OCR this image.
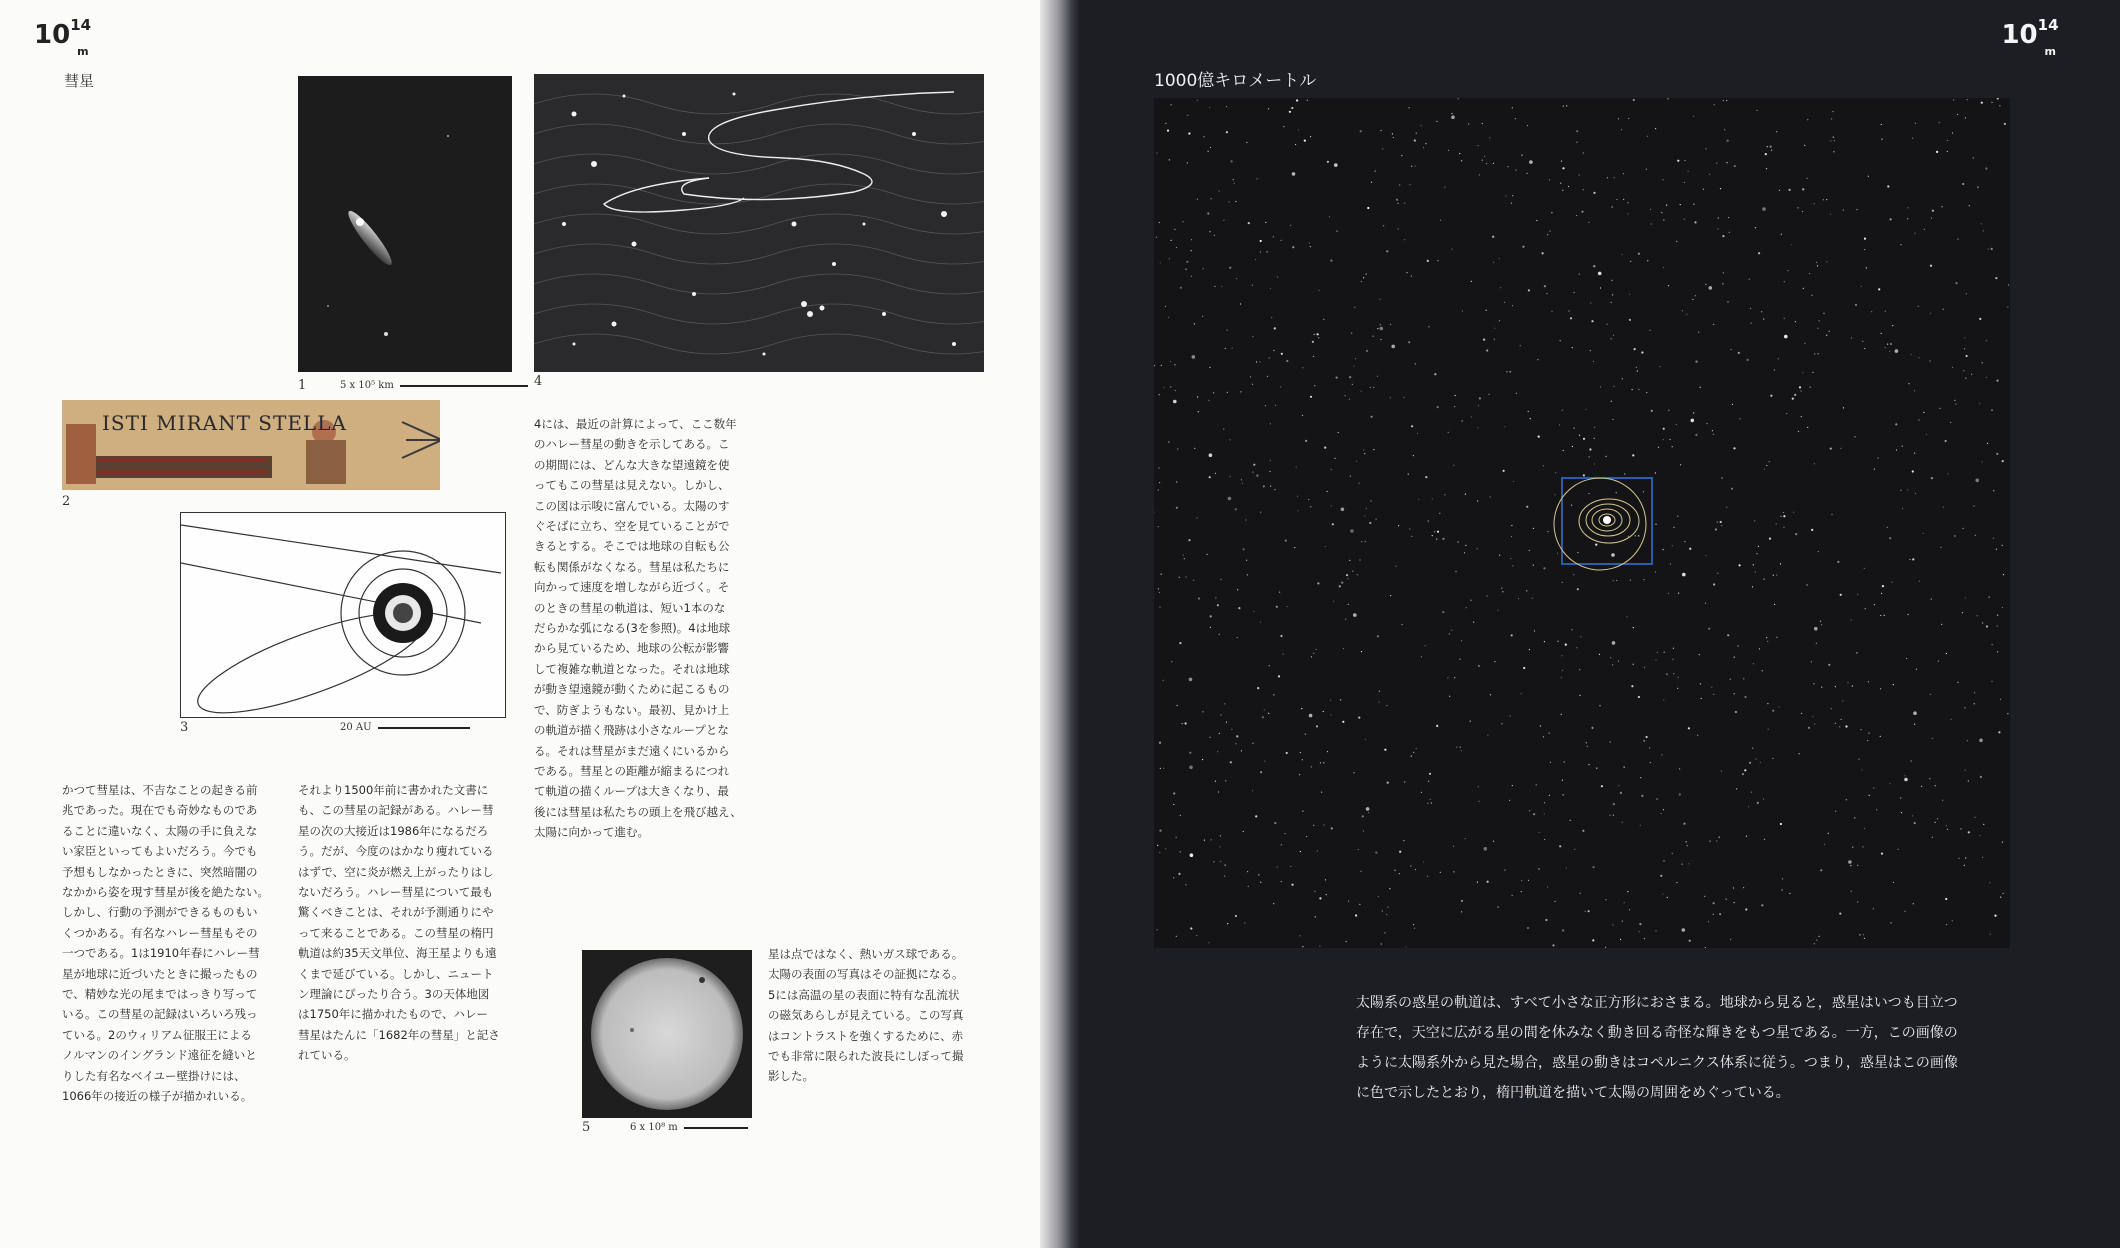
$10^{14}_m$
彗星
1	5 x 10⁵ km	4
ISTI MIRANT STELLA
2
3	20 AU
かつて彗星は、不吉なことの起きる前
兆であった。現在でも奇妙なものであ
ることに違いなく、太陽の手に負えな
い家臣といってもよいだろう。今でも
予想もしなかったときに、突然暗闇の
なかから姿を現す彗星が後を絶たない。
しかし、行動の予測ができるものもい
くつかある。有名なハレー彗星もその
一つである。1は1910年春にハレー彗
星が地球に近づいたときに撮ったもの
で、精妙な光の尾まではっきり写って
いる。この彗星の記録はいろいろ残っ
ている。2のウィリアム征服王による
ノルマンのイングランド遠征を縫いと
りした有名なベイユー壁掛けには、
1066年の接近の様子が描かれいる。
それより1500年前に書かれた文書に
も、この彗星の記録がある。ハレー彗
星の次の大接近は1986年になるだろ
う。だが、今度のはかなり痩れている
はずで、空に炎が燃え上がったりはし
ないだろう。ハレー彗星について最も
驚くべきことは、それが予測通りにや
って来ることである。この彗星の楕円
軌道は約35天文単位、海王星よりも遠
くまで延びている。しかし、ニュート
ン理論にぴったり合う。3の天体地図
は1750年に描かれたもので、ハレー
彗星はたんに「1682年の彗星」と記さ
れている。
4には、最近の計算によって、ここ数年
のハレー彗星の動きを示してある。こ
の期間には、どんな大きな望遠鏡を使
ってもこの彗星は見えない。しかし、
この図は示唆に富んでいる。太陽のす
ぐそばに立ち、空を見ていることがで
きるとする。そこでは地球の自転も公
転も関係がなくなる。彗星は私たちに
向かって速度を増しながら近づく。そ
のときの彗星の軌道は、短い1本のな
だらかな弧になる(3を参照)。4は地球
から見ているため、地球の公転が影響
して複雑な軌道となった。それは地球
が動き望遠鏡が動くために起こるもの
で、防ぎようもない。最初、見かけ上
の軌道が描く飛跡は小さなループとな
る。それは彗星がまだ遠くにいるから
である。彗星との距離が縮まるにつれ
て軌道の描くループは大きくなり、最
後には彗星は私たちの頭上を飛び越え、
太陽に向かって進む。
5	6 x 10⁸ m
星は点ではなく、熱いガス球である。
太陽の表面の写真はその証拠になる。
5には高温の星の表面に特有な乱流状
の磁気あらしが見えている。この写真
はコントラストを強くするために、赤
でも非常に限られた波長にしぼって撮
影した。
$10^{14}_m$
1000億キロメートル
太陽系の惑星の軌道は、すべて小さな正方形におさまる。地球から見ると，惑星はいつも目立つ
存在で，天空に広がる星の間を休みなく動き回る奇怪な輝きをもつ星である。一方，この画像の
ように太陽系外から見た場合，惑星の動きはコペルニクス体系に従う。つまり，惑星はこの画像
に色で示したとおり，楕円軌道を描いて太陽の周囲をめぐっている。
